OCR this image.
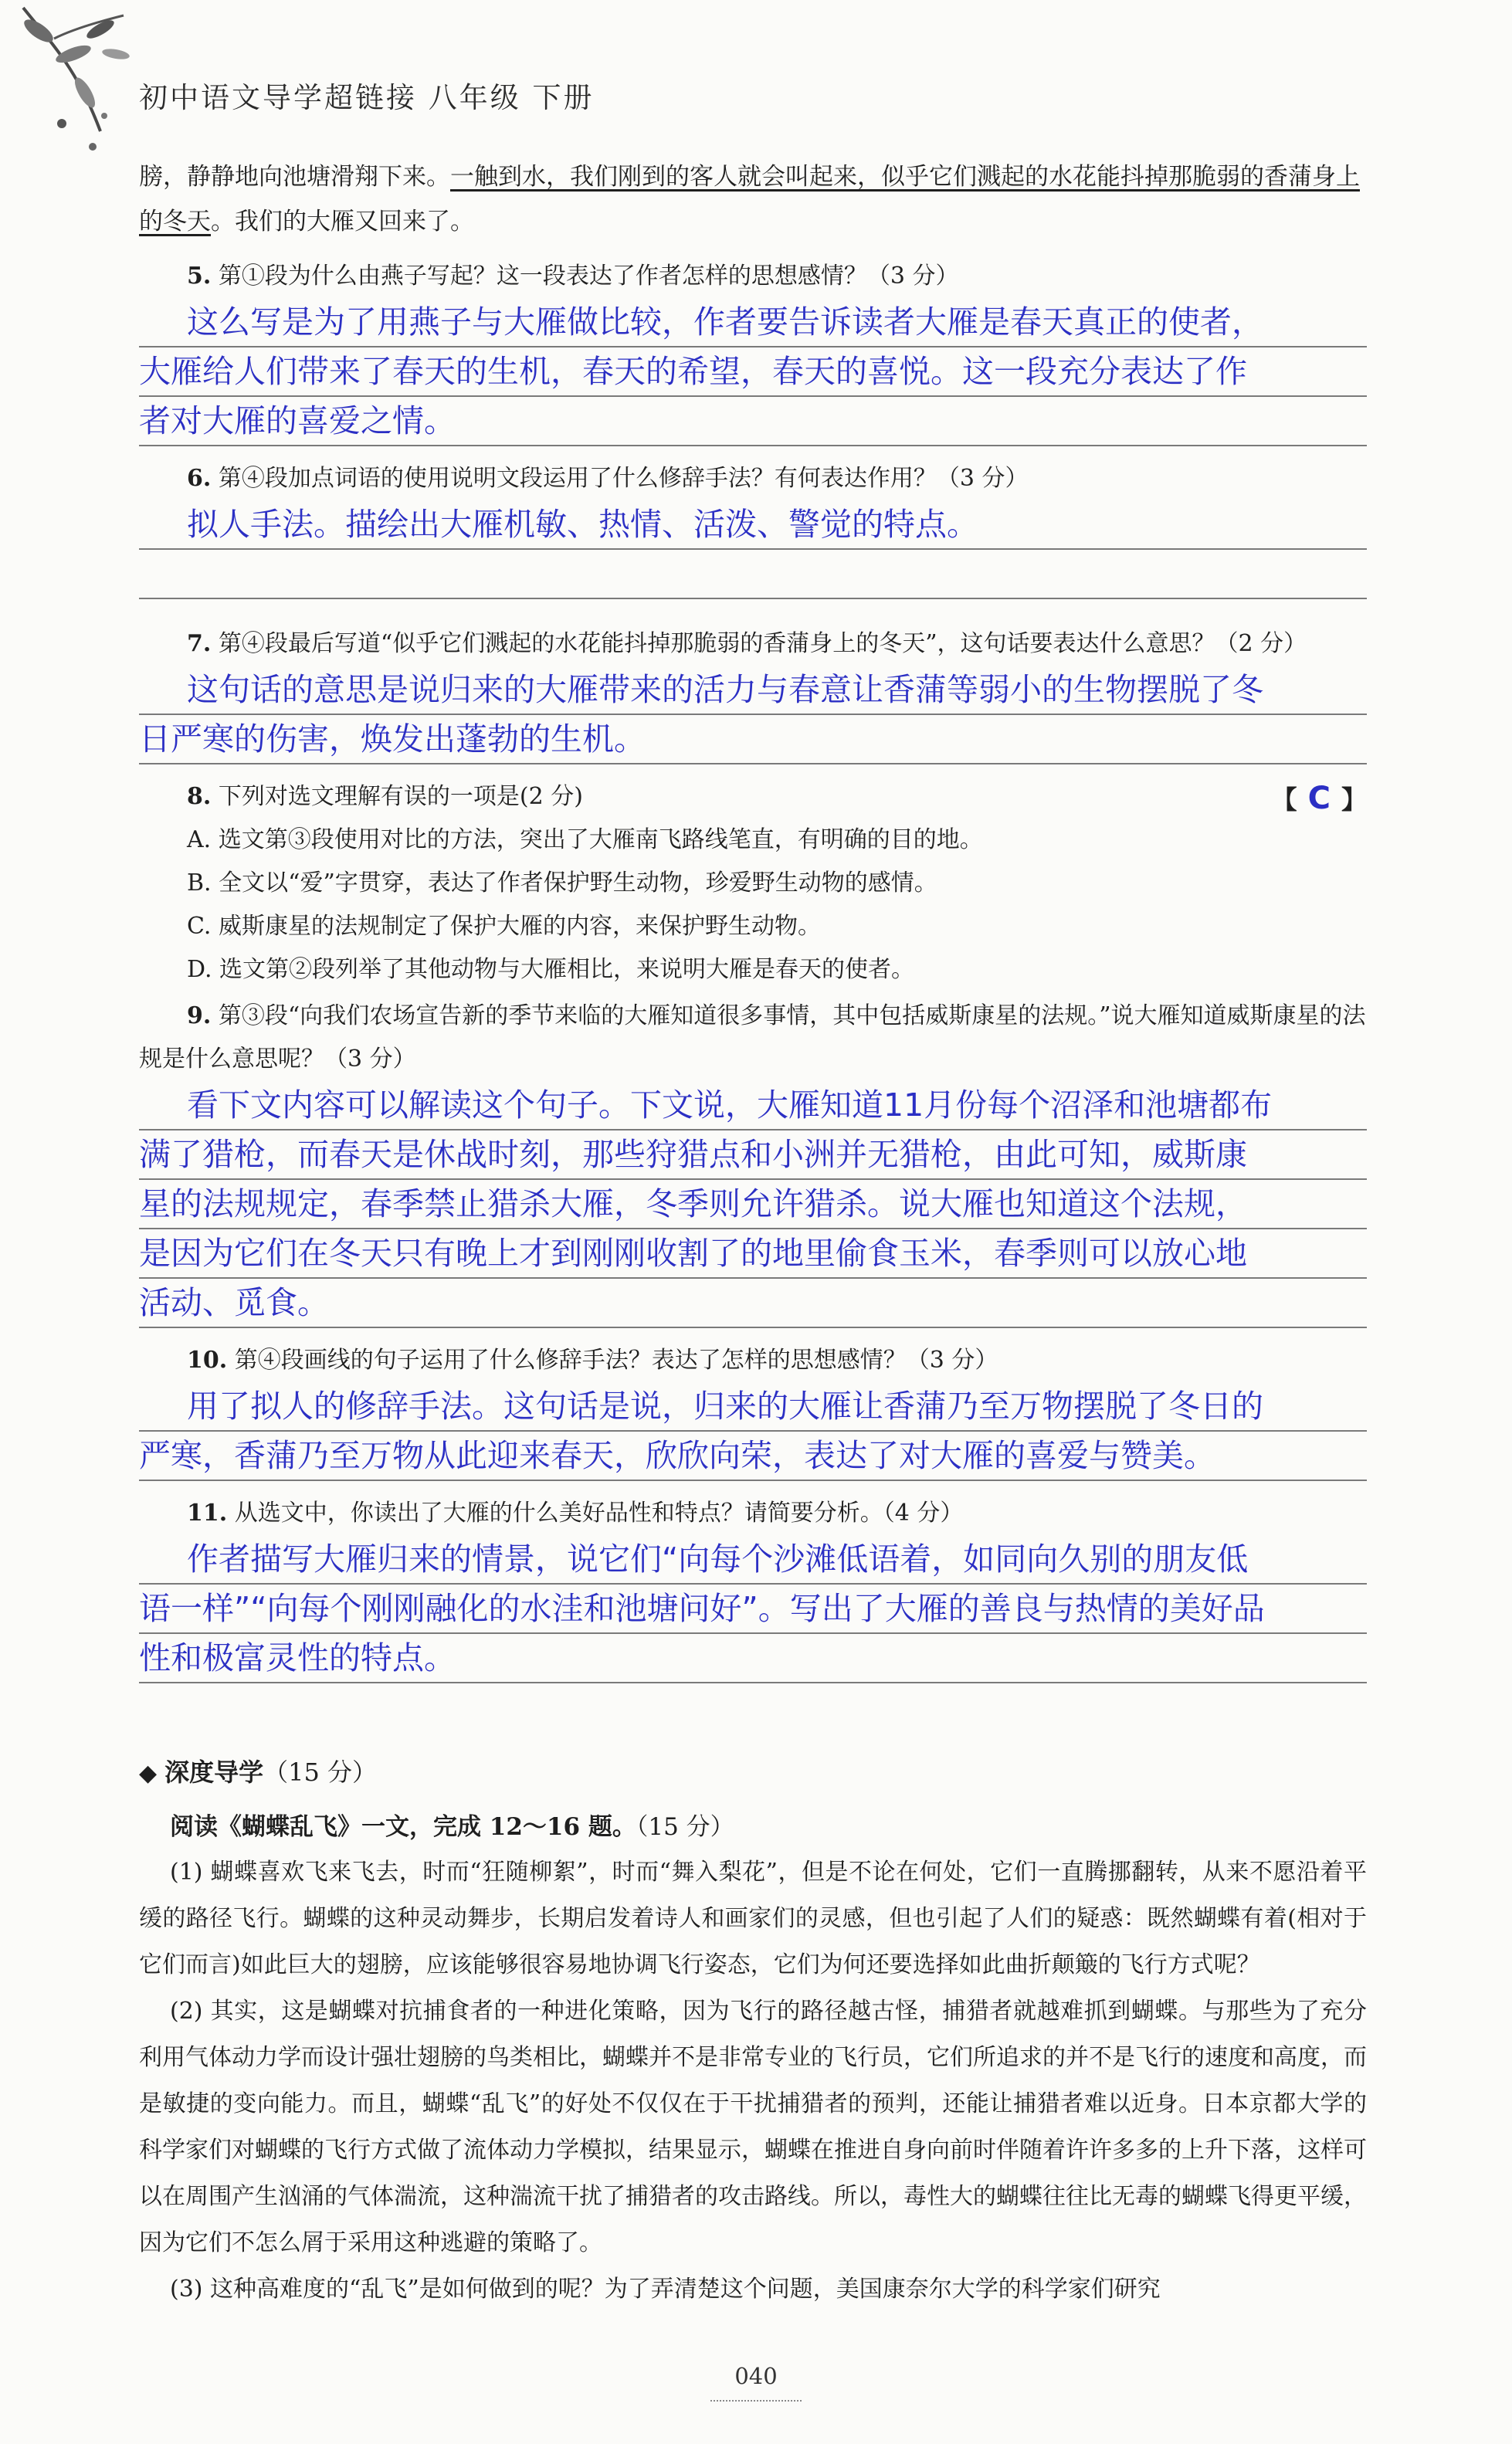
初中语文导学超链接 八年级 下册

膀，静静地向池塘滑翔下来。一触到水，我们刚到的客人就会叫起来，似乎它们溅起的水花能抖掉那脆弱的香蒲身上的冬天。我们的大雁又回来了。

5. 第①段为什么由燕子写起？这一段表达了作者怎样的思想感情？（3 分）

这么写是为了用燕子与大雁做比较，作者要告诉读者大雁是春天真正的使者，
大雁给人们带来了春天的生机，春天的希望，春天的喜悦。这一段充分表达了作
者对大雁的喜爱之情。

6. 第④段加点词语的使用说明文段运用了什么修辞手法？有何表达作用？（3 分）

拟人手法。描绘出大雁机敏、热情、活泼、警觉的特点。

7. 第④段最后写道“似乎它们溅起的水花能抖掉那脆弱的香蒲身上的冬天”，这句话要表达什么意思？（2 分）

这句话的意思是说归来的大雁带来的活力与春意让香蒲等弱小的生物摆脱了冬
日严寒的伤害，焕发出蓬勃的生机。

8. 下列对选文理解有误的一项是(2 分)	【 C 】

A. 选文第③段使用对比的方法，突出了大雁南飞路线笔直，有明确的目的地。

B. 全文以“爱”字贯穿，表达了作者保护野生动物，珍爱野生动物的感情。

C. 威斯康星的法规制定了保护大雁的内容，来保护野生动物。

D. 选文第②段列举了其他动物与大雁相比，来说明大雁是春天的使者。

9. 第③段“向我们农场宣告新的季节来临的大雁知道很多事情，其中包括威斯康星的法规。”说大雁知道威斯康星的法规是什么意思呢？（3 分）

看下文内容可以解读这个句子。下文说，大雁知道11月份每个沼泽和池塘都布
满了猎枪，而春天是休战时刻，那些狩猎点和小洲并无猎枪，由此可知，威斯康
星的法规规定，春季禁止猎杀大雁，冬季则允许猎杀。说大雁也知道这个法规，
是因为它们在冬天只有晚上才到刚刚收割了的地里偷食玉米，春季则可以放心地
活动、觅食。

10. 第④段画线的句子运用了什么修辞手法？表达了怎样的思想感情？（3 分）

用了拟人的修辞手法。这句话是说，归来的大雁让香蒲乃至万物摆脱了冬日的
严寒，香蒲乃至万物从此迎来春天，欣欣向荣，表达了对大雁的喜爱与赞美。

11. 从选文中，你读出了大雁的什么美好品性和特点？请简要分析。（4 分）

作者描写大雁归来的情景，说它们“向每个沙滩低语着，如同向久别的朋友低
语一样”“向每个刚刚融化的水洼和池塘问好”。写出了大雁的善良与热情的美好品
性和极富灵性的特点。
◆ 深度导学（15 分）
阅读《蝴蝶乱飞》一文，完成 12～16 题。（15 分）

(1) 蝴蝶喜欢飞来飞去，时而“狂随柳絮”，时而“舞入梨花”，但是不论在何处，它们一直腾挪翻转，从来不愿沿着平缓的路径飞行。蝴蝶的这种灵动舞步，长期启发着诗人和画家们的灵感，但也引起了人们的疑惑：既然蝴蝶有着(相对于它们而言)如此巨大的翅膀，应该能够很容易地协调飞行姿态，它们为何还要选择如此曲折颠簸的飞行方式呢？

(2) 其实，这是蝴蝶对抗捕食者的一种进化策略，因为飞行的路径越古怪，捕猎者就越难抓到蝴蝶。与那些为了充分利用气体动力学而设计强壮翅膀的鸟类相比，蝴蝶并不是非常专业的飞行员，它们所追求的并不是飞行的速度和高度，而是敏捷的变向能力。而且，蝴蝶“乱飞”的好处不仅仅在于干扰捕猎者的预判，还能让捕猎者难以近身。日本京都大学的科学家们对蝴蝶的飞行方式做了流体动力学模拟，结果显示，蝴蝶在推进自身向前时伴随着许许多多的上升下落，这样可以在周围产生汹涌的气体湍流，这种湍流干扰了捕猎者的攻击路线。所以，毒性大的蝴蝶往往比无毒的蝴蝶飞得更平缓，因为它们不怎么屑于采用这种逃避的策略了。

(3) 这种高难度的“乱飞”是如何做到的呢？为了弄清楚这个问题，美国康奈尔大学的科学家们研究

040
